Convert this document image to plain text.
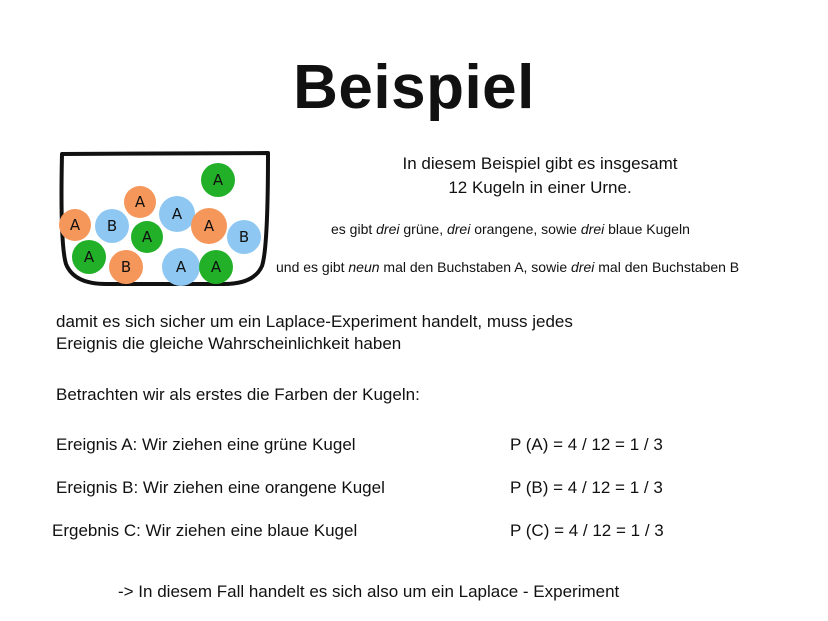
Beispiel
A
A
A B
A
A
A
B
A
B	A A
In diesem Beispiel gibt es insgesamt
12 Kugeln in einer Urne.
es gibt drei grüne, drei orangene, sowie drei blaue Kugeln
und es gibt neun mal den Buchstaben A, sowie drei mal den Buchstaben B
damit es sich sicher um ein Laplace-Experiment handelt, muss jedes
Ereignis die gleiche Wahrscheinlichkeit haben
Betrachten wir als erstes die Farben der Kugeln:
Ereignis A: Wir ziehen eine grüne Kugel	P (A) = 4 / 12 = 1 / 3
Ereignis B: Wir ziehen eine orangene Kugel	P (B) = 4 / 12 = 1 / 3
Ergebnis C: Wir ziehen eine blaue Kugel	P (C) = 4 / 12 = 1 / 3
-> In diesem Fall handelt es sich also um ein Laplace - Experiment
